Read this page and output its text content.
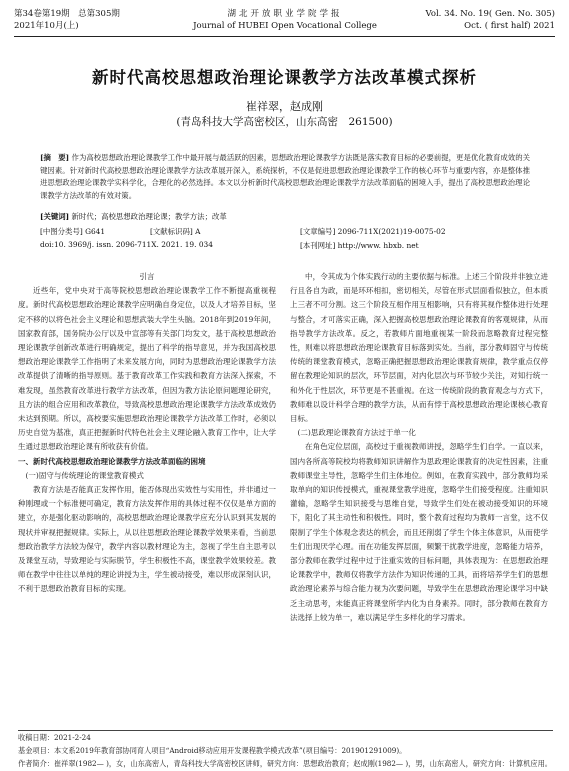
第34卷第19期　总第305期
2021年10月(上)
湖北开放职业学院学报
Journal of HUBEI Open Vocational College
Vol. 34. No. 19( Gen. No. 305)
Oct. ( first half) 2021
新时代高校思想政治理论课教学方法改革模式探析
崔祥翠，赵成刚
(青岛科技大学高密校区，山东高密　261500)
[摘　要] 作为高校思想政治理论课教学工作中最开展与最活跃的因素，思想政治理论课教学方法既是落实教育目标的必要前提，更是优化教育成效的关键因素。针对新时代高校思想政治理论课教学方法改革展开深入，系统探析，不仅是促进思想政治理论课教学工作的核心环节与重要内容，亦是整体推进思想政治理论课教学实科学化，合理化的必然选择。本文以分析新时代高校思想政治理论课教学方法改革面临的困境入手，提出了高校思想政治理论课教学方法改革的有效对策。
[关键词] 新时代；高校思想政治理论课；教学方法；改革
[中图分类号] G641	[文献标识码] A	[文章编号] 2096-711X(2021)19-0075-02
doi:10. 3969/j. issn. 2096-711X. 2021. 19. 034	[本刊网址] http://www. hbxb. net

引言

近些年，党中央对于高等院校思想政治理论课教学工作不断提高重视程度。新时代高校思想政治理论课教学应明确自身定位，以及人才培养目标，坚定不移的以将色社会主义理论和思想武装大学生头脑。2018年到2019年间，国家教育部，国务院办公厅以及中宣部等有关部门均发文，基于高校思想政治理论课教学创新改革进行明确规定，提出了科学的指导意见，并为我国高校思想政治理论课教学工作指明了未来发展方向，同时为思想政治理论课教学方法改革提供了清晰的指导原则。基于教育改革工作实践和教育方法深入探索，不难发现，虽然教育改革进行教学方法改革，但因为教方法论原问题理论研究，且方法的组合应用和改革教位，导致高校思想政治理论课教学方法改革成效仍未达到预期。所以，高校要实施思想政治理论课教学方法改革工作时，必须以历史自觉为基准，真正把握新时代特色社会主义理论融入教育工作中，让大学生通过思想政治理论课有所收获有价值。

一、新时代高校思想政治理论课教学方法改革面临的困境

(一)固守与传统理论的课堂教育模式

教育方法是否能真正发挥作用，能否体现出实效性与实用性，并非通过一种刚理或一个标准便可确定，教育方法发挥作用的具体过程不仅仅是单方面的建立，亦是强化驱动影响的，高校思想政治理论课教学应充分认识到其发展的现状并审视把握规律。实际上，从以往思想政治理论课教学效果来看，当前思想政治教学方法较为保守，教学内容以教材理论为主，忽视了学生自主思考以及课堂互动，导致理论与实际脱节，学生积极性不高，课堂教学效果较差。教师在教学中往往以单纯的理论讲授为主，学生被动接受，难以形成深刻认识，不利于思想政治教育目标的实现。

中，令其成为个体实践行动的主要依据与标准。上述三个阶段并非独立进行且各自为政，而是环环相扣，密切相关，尽管在形式层面看似独立，但本质上三者不可分割。这三个阶段互相作用互相影响，只有将其视作整体进行处理与整合，才可落实正确，深入把握高校思想政治理论课教育的客观规律，从而指导教学方法改革。反之，若教师片面地重视某一阶段而忽略教育过程完整性，则难以将思想政治理论课教育目标落到实处。当前，部分教师固守与传统传统的课堂教育模式，忽略正确把握思想政治理论课教育规律，教学重点仅停留在教理论知识的层次，环节层面，对内化层次与环节较少关注，对知行统一和外化于性层次，环节更是不甚重视。在这一传统阶段的教育观念与方式下，教师难以设计科学合理的教学方法，从而有悖于高校思想政治理论课核心教育目标。

(二)思政理论课教育方法过于单一化

在角色定位层面，高校过于重视教师讲授，忽略学生们自学。一直以来，国内各所高等院校均将教师知识讲解作为思政理论课教育的决定性因素，注重教师课堂主导性，忽略学生们主体地位。例如，在教育实践中，部分教师均采取单向的知识传授模式，重视课堂教学进度，忽略学生们接受程度。注重知识灌输，忽略学生知识接受与思维自觉，导致学生们处在被动接受知识的环境下，阻化了其主动性和积极性。同时，整个教育过程均为教师一言堂，这不仅限制了学生个体观念表达的机会，而且还削弱了学生个体主体意识，从而使学生们出现厌学心理。而在功能发挥层面，频繁干扰教学进度，忽略能力培养，部分教师在教学过程中过于注重实效的目标问题，具体表现为：在思想政治理论课教学中，教师仅将教学方法作为知识传递的工具，而将培养学生们的思想政治理论素养与综合能力视为次要问题，导致学生在思想政治理论课学习中缺乏主动思考，未能真正将课堂所学内化为自身素养。同时，部分教师在教育方法选择上较为单一，难以满足学生多样化的学习需求。

收稿日期：2021-2-24
基金项目：本文系2019年教育部协同育人项目“Android移动应用开发课程教学模式改革”(项目编号：201901291009)。
作者简介：崔祥翠(1982— )，女，山东高密人，青岛科技大学高密校区讲师，研究方向：思想政治教育；赵成刚(1982— )，男，山东高密人，研究方向：计算机应用。
